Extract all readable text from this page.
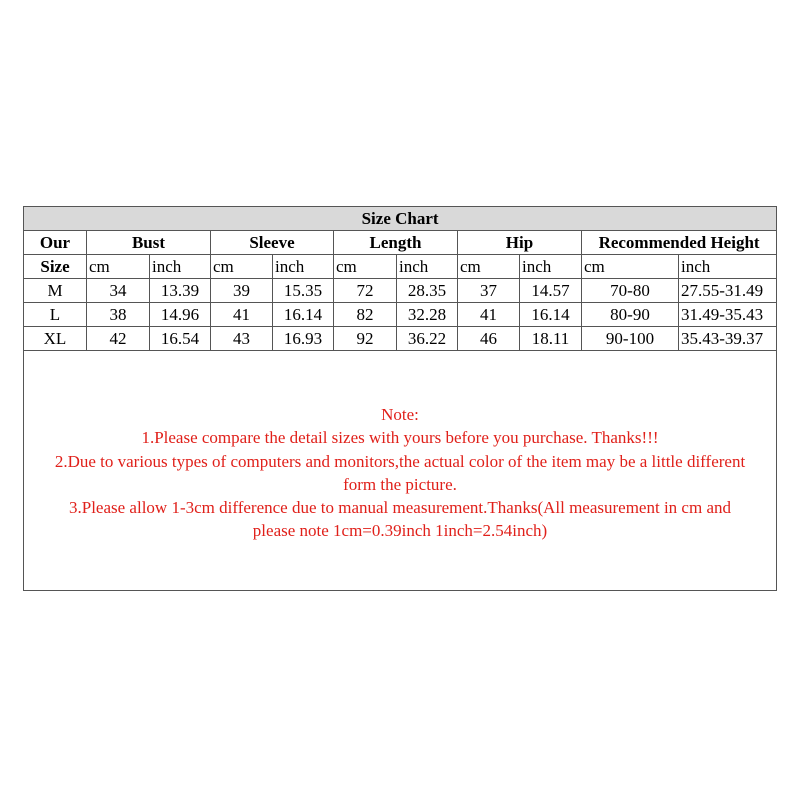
Size Chart										
Our	Bust		Sleeve		Length		Hip		Recommended Height	
Size	cm	inch	cm	inch	cm	inch	cm	inch	cm	inch
M	34	13.39	39	15.35	72	28.35	37	14.57	70-80	27.55-31.49
L	38	14.96	41	16.14	82	32.28	41	16.14	80-90	31.49-35.43
XL	42	16.54	43	16.93	92	36.22	46	18.11	90-100	35.43-39.37

Note:

1.Please compare the detail sizes with yours before you purchase. Thanks!!!

2.Due to various types of computers and monitors,the actual color of the item may be a little different

form the picture.

3.Please allow 1-3cm difference due to manual measurement.Thanks(All measurement in cm and

please note 1cm=0.39inch 1inch=2.54inch)
